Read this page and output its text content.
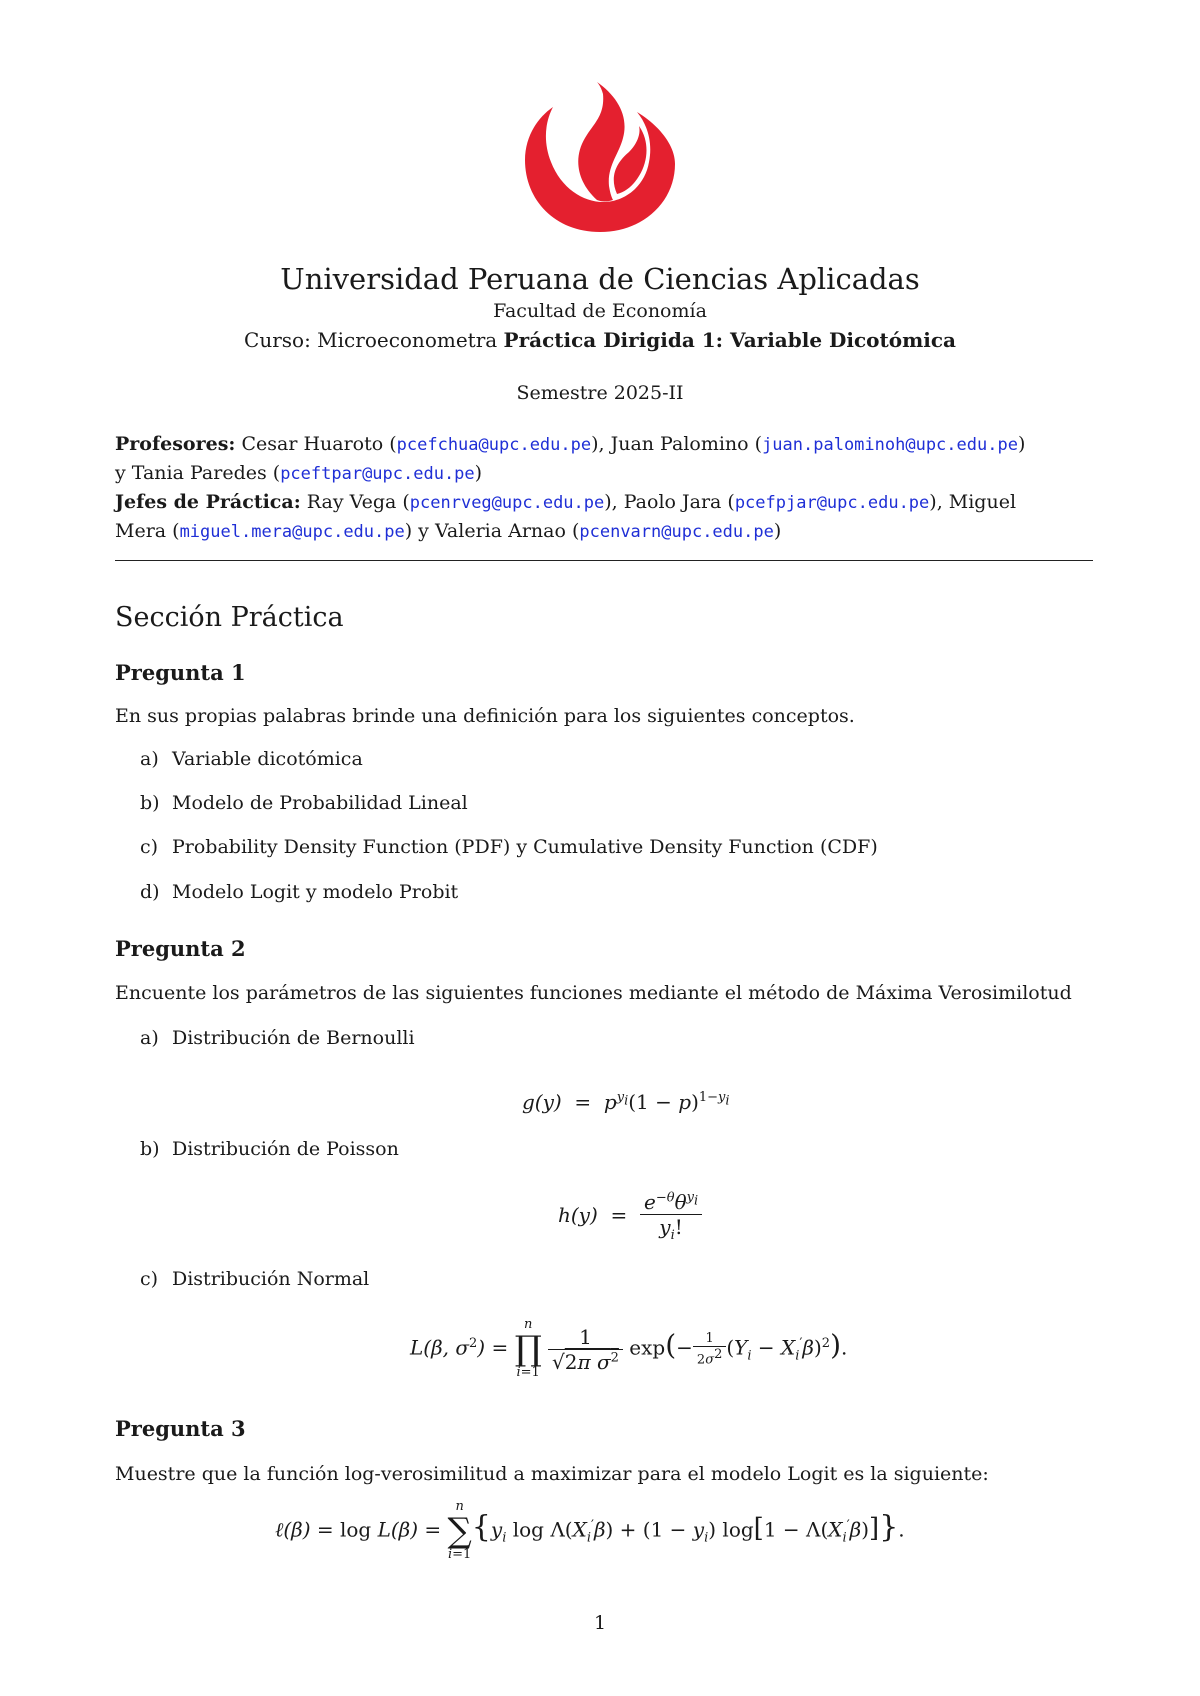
Universidad Peruana de Ciencias Aplicadas
Facultad de Economía
Curso: Microeconometra Práctica Dirigida 1: Variable Dicotómica
Semestre 2025-II
Profesores: Cesar Huaroto (pcefchua@upc.edu.pe), Juan Palomino (juan.palominoh@upc.edu.pe)
y Tania Paredes (pceftpar@upc.edu.pe)
Jefes de Práctica: Ray Vega (pcenrveg@upc.edu.pe), Paolo Jara (pcefpjar@upc.edu.pe), Miguel
Mera (miguel.mera@upc.edu.pe) y Valeria Arnao (pcenvarn@upc.edu.pe)
Sección Práctica
Pregunta 1
En sus propias palabras brinde una definición para los siguientes conceptos.
a) Variable dicotómica
b) Modelo de Probabilidad Lineal
c) Probability Density Function (PDF) y Cumulative Density Function (CDF)
d) Modelo Logit y modelo Probit
Pregunta 2
Encuente los parámetros de las siguientes funciones mediante el método de Máxima Verosimilotud
a) Distribución de Bernoulli
$g(y) = p^{y_i}(1 - p)^{1-y_i}$
b) Distribución de Poisson
$h(y) = \frac{e^{-\theta}\theta^{y_i}}{y_i!}$
c) Distribución Normal
L(β, $\sigma^2$) =
n
∏
i=1
$\frac{1}{√2\pi \sigma^2} \exp(- \frac{1}{2\sigma^2} (Y_i - X_i'\beta)^2)$.
Pregunta 3
Muestre que la función log-verosimilitud a maximizar para el modelo Logit es la siguiente:
ℓ(β) = log L(β) =
n
∑
i=1
{$y_i$ $\log \Lambda(X_i'\beta) + (1 - y_i) \log[1 - \Lambda(X_i'\beta)]$}.
1
